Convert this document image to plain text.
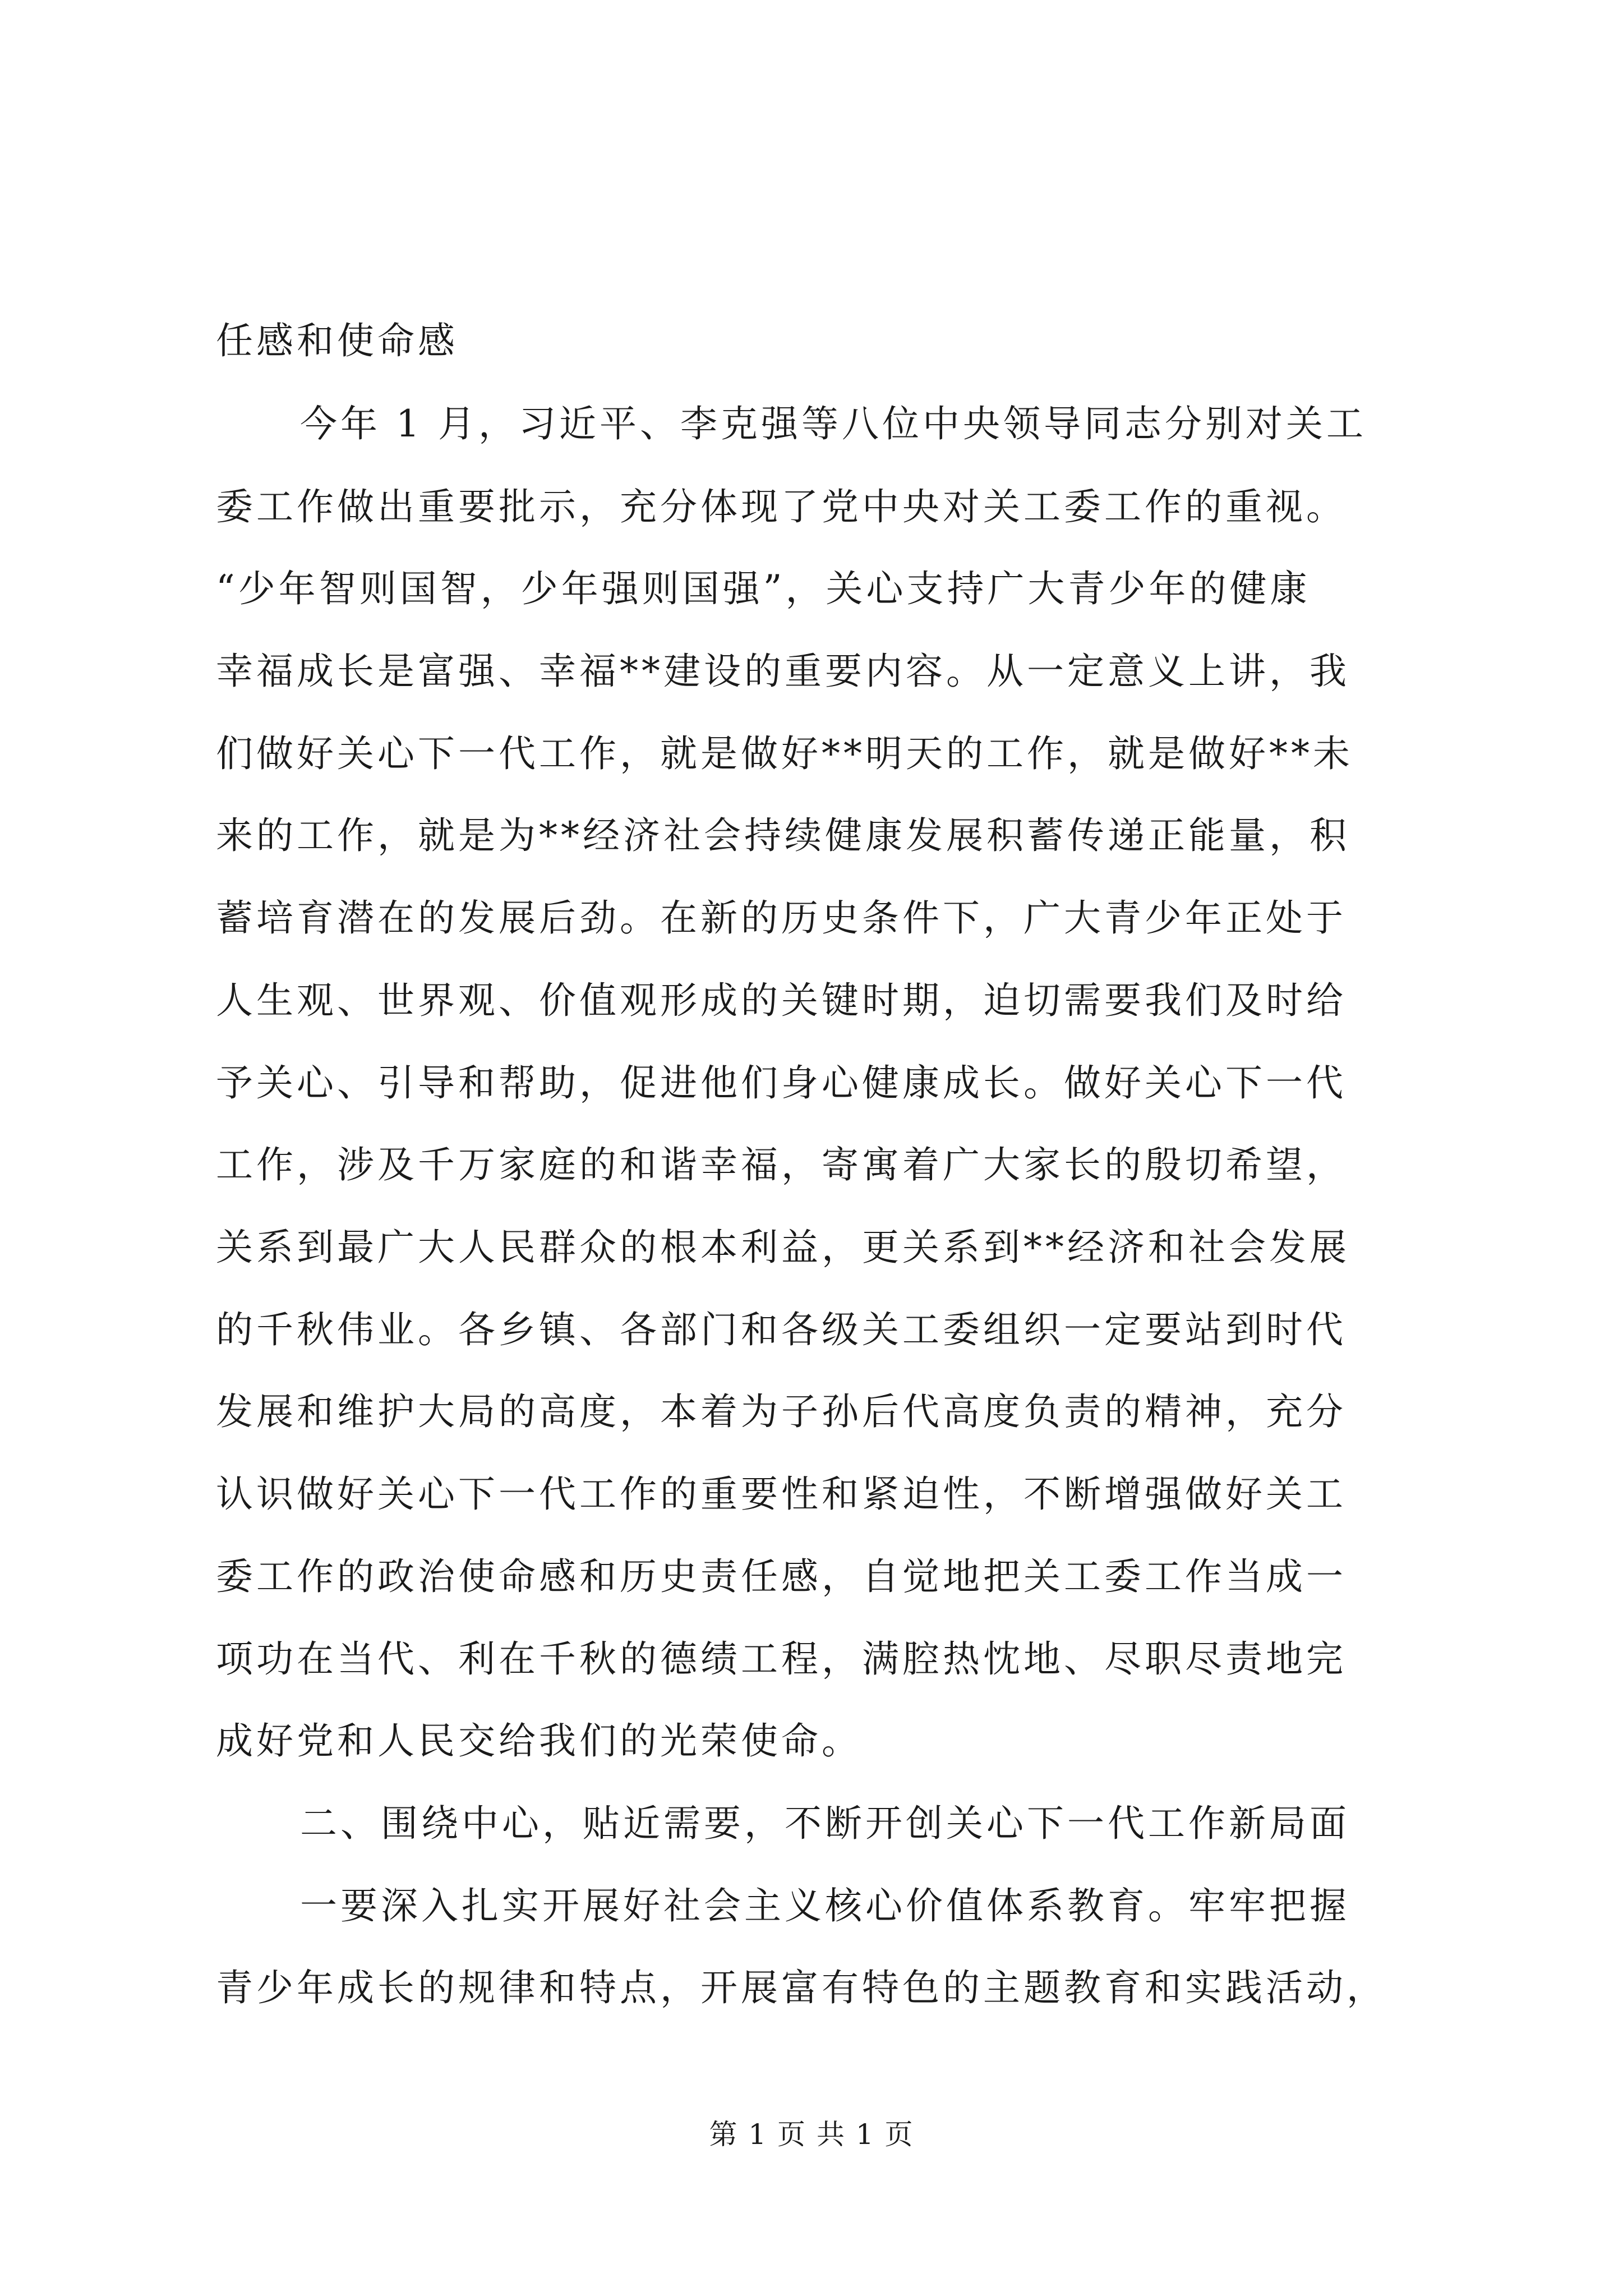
任感和使命感
今年 1 月，习近平、李克强等八位中央领导同志分别对关工
委工作做出重要批示，充分体现了党中央对关工委工作的重视。
“少年智则国智，少年强则国强”，关心支持广大青少年的健康
幸福成长是富强、幸福**建设的重要内容。从一定意义上讲，我
们做好关心下一代工作，就是做好**明天的工作，就是做好**未
来的工作，就是为**经济社会持续健康发展积蓄传递正能量，积
蓄培育潜在的发展后劲。在新的历史条件下，广大青少年正处于
人生观、世界观、价值观形成的关键时期，迫切需要我们及时给
予关心、引导和帮助，促进他们身心健康成长。做好关心下一代
工作，涉及千万家庭的和谐幸福，寄寓着广大家长的殷切希望，
关系到最广大人民群众的根本利益，更关系到**经济和社会发展
的千秋伟业。各乡镇、各部门和各级关工委组织一定要站到时代
发展和维护大局的高度，本着为子孙后代高度负责的精神，充分
认识做好关心下一代工作的重要性和紧迫性，不断增强做好关工
委工作的政治使命感和历史责任感，自觉地把关工委工作当成一
项功在当代、利在千秋的德绩工程，满腔热忱地、尽职尽责地完
成好党和人民交给我们的光荣使命。
二、围绕中心，贴近需要，不断开创关心下一代工作新局面
一要深入扎实开展好社会主义核心价值体系教育。牢牢把握
青少年成长的规律和特点，开展富有特色的主题教育和实践活动，
第 1 页 共 1 页
